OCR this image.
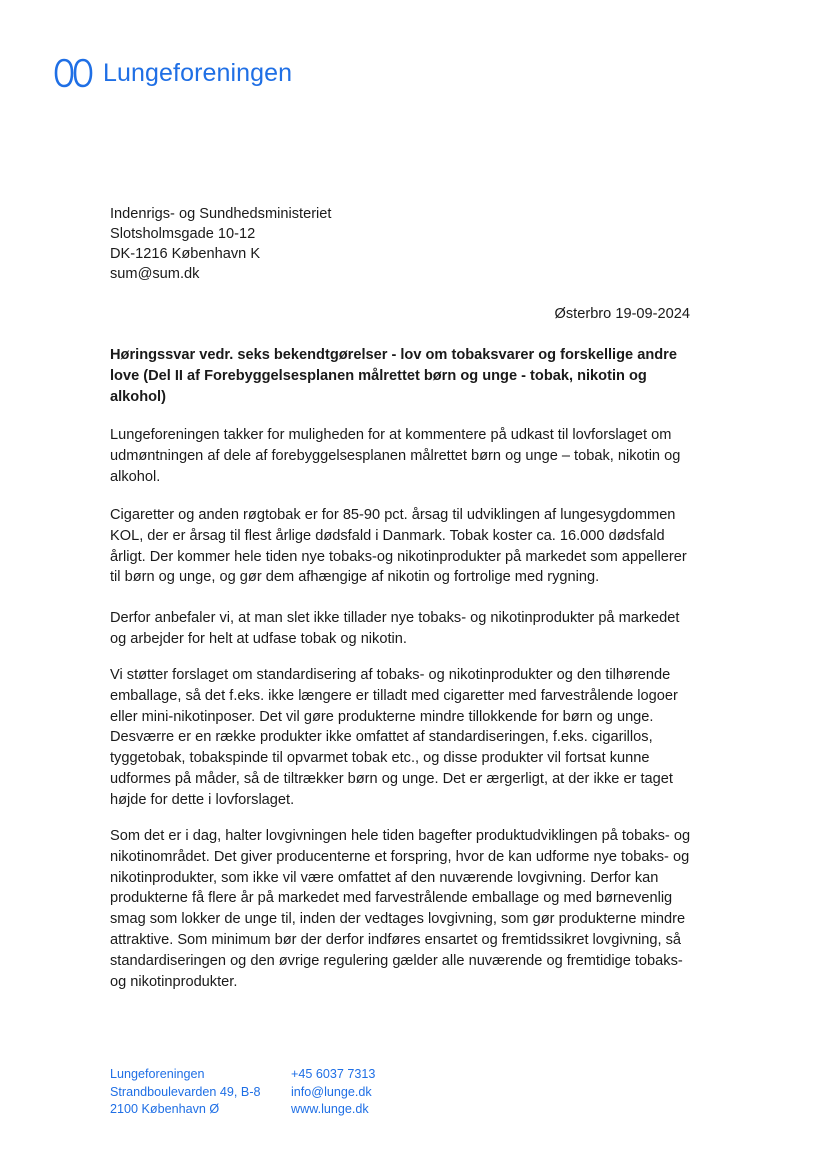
Lungeforeningen
Indenrigs- og Sundhedsministeriet
Slotsholmsgade 10-12
DK-1216 København K
sum@sum.dk
Østerbro 19-09-2024
Høringssvar vedr. seks bekendtgørelser - lov om tobaksvarer og forskellige andre
love (Del II af Forebyggelsesplanen målrettet børn og unge - tobak, nikotin og
alkohol)
Lungeforeningen takker for muligheden for at kommentere på udkast til lovforslaget om
udmøntningen af dele af forebyggelsesplanen målrettet børn og unge – tobak, nikotin og
alkohol.
Cigaretter og anden røgtobak er for 85-90 pct. årsag til udviklingen af lungesygdommen
KOL, der er årsag til flest årlige dødsfald i Danmark. Tobak koster ca. 16.000 dødsfald
årligt. Der kommer hele tiden nye tobaks-og nikotinprodukter på markedet som appellerer
til børn og unge, og gør dem afhængige af nikotin og fortrolige med rygning.
Derfor anbefaler vi, at man slet ikke tillader nye tobaks- og nikotinprodukter på markedet
og arbejder for helt at udfase tobak og nikotin.
Vi støtter forslaget om standardisering af tobaks- og nikotinprodukter og den tilhørende
emballage, så det f.eks. ikke længere er tilladt med cigaretter med farvestrålende logoer
eller mini-nikotinposer. Det vil gøre produkterne mindre tillokkende for børn og unge.
Desværre er en række produkter ikke omfattet af standardiseringen, f.eks. cigarillos,
tyggetobak, tobakspinde til opvarmet tobak etc., og disse produkter vil fortsat kunne
udformes på måder, så de tiltrækker børn og unge. Det er ærgerligt, at der ikke er taget
højde for dette i lovforslaget.
Som det er i dag, halter lovgivningen hele tiden bagefter produktudviklingen på tobaks- og
nikotinområdet. Det giver producenterne et forspring, hvor de kan udforme nye tobaks- og
nikotinprodukter, som ikke vil være omfattet af den nuværende lovgivning. Derfor kan
produkterne få flere år på markedet med farvestrålende emballage og med børnevenlig
smag som lokker de unge til, inden der vedtages lovgivning, som gør produkterne mindre
attraktive. Som minimum bør der derfor indføres ensartet og fremtidssikret lovgivning, så
standardiseringen og den øvrige regulering gælder alle nuværende og fremtidige tobaks-
og nikotinprodukter.
Lungeforeningen
Strandboulevarden 49, B-8
2100 København Ø
+45 6037 7313
info@lunge.dk
www.lunge.dk
